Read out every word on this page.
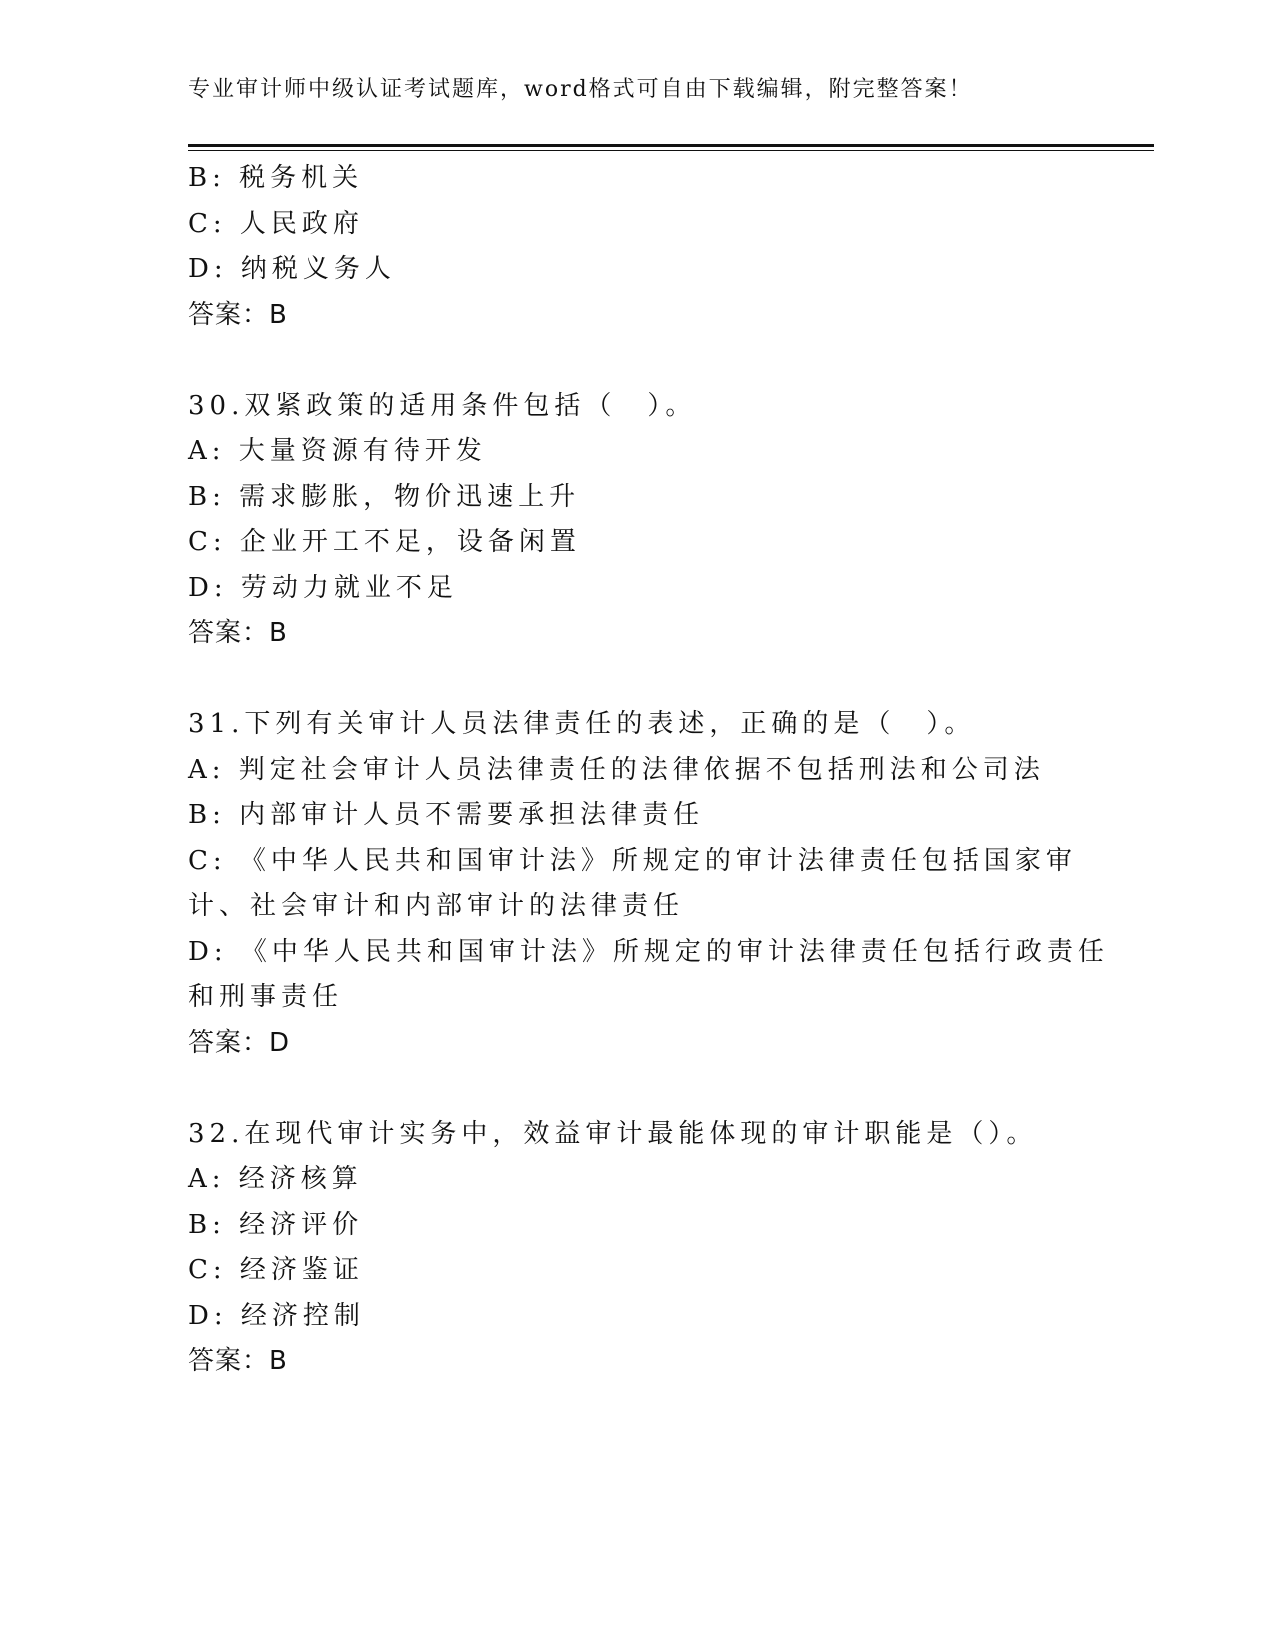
专业审计师中级认证考试题库，word格式可自由下载编辑，附完整答案！
B: 税务机关
C: 人民政府
D: 纳税义务人
答案：B
30.双紧政策的适用条件包括（　）。
A: 大量资源有待开发
B: 需求膨胀，物价迅速上升
C: 企业开工不足，设备闲置
D: 劳动力就业不足
答案：B
31.下列有关审计人员法律责任的表述，正确的是（　）。
A: 判定社会审计人员法律责任的法律依据不包括刑法和公司法
B: 内部审计人员不需要承担法律责任
C: 《中华人民共和国审计法》所规定的审计法律责任包括国家审计、社会审计和内部审计的法律责任
D: 《中华人民共和国审计法》所规定的审计法律责任包括行政责任和刑事责任
答案：D
32.在现代审计实务中，效益审计最能体现的审计职能是（）。
A: 经济核算
B: 经济评价
C: 经济鉴证
D: 经济控制
答案：B
